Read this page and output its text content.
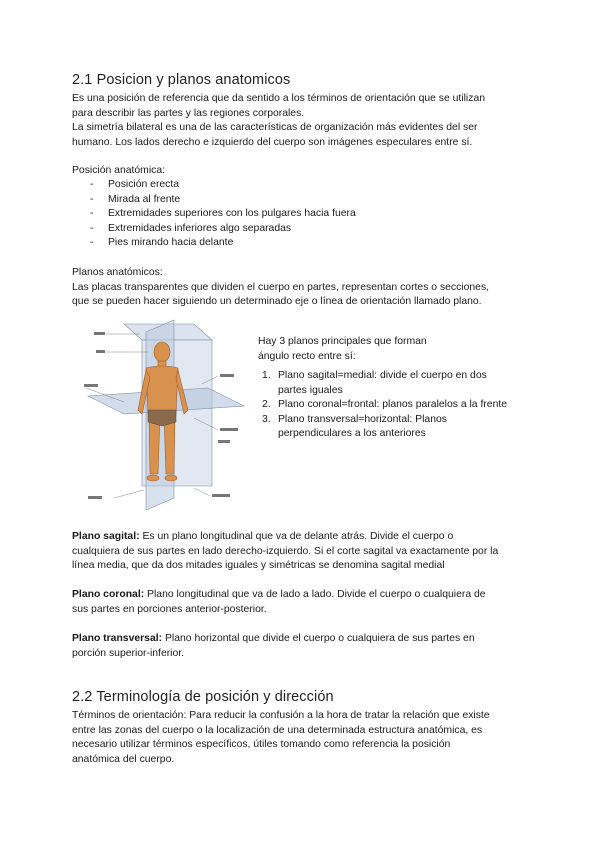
2.1 Posicion y planos anatomicos

Es una posición de referencia que da sentido a los términos de orientación que se utilizan
para describir las partes y las regiones corporales.
La simetría bilateral es una de las características de organización más evidentes del ser
humano. Los lados derecho e izquierdo del cuerpo son imágenes especulares entre sí.

Posición anatómica:

- Posición erecta
- Mirada al frente
- Extremidades superiores con los pulgares hacia fuera
- Extremidades inferiores algo separadas
- Pies mirando hacia delante

Planos anatómicos:
Las placas transparentes que dividen el cuerpo en partes, representan cortes o secciones,
que se pueden hacer siguiendo un determinado eje o línea de orientación llamado plano.

Hay 3 planos principales que forman
ángulo recto entre sí:

1. Plano sagital=medial: divide el cuerpo en dos
partes iguales
2. Plano coronal=frontal: planos paralelos a la frente
3. Plano transversal=horizontal: Planos
perpendiculares a los anteriores

Plano sagital: Es un plano longitudinal que va de delante atrás. Divide el cuerpo o
cualquiera de sus partes en lado derecho-izquierdo. Si el corte sagital va exactamente por la
línea media, que da dos mitades iguales y simétricas se denomina sagital medial

Plano coronal: Plano longitudinal que va de lado a lado. Divide el cuerpo o cualquiera de
sus partes en porciones anterior-posterior.

Plano transversal: Plano horizontal que divide el cuerpo o cualquiera de sus partes en
porción superior-inferior.

2.2 Terminología de posición y dirección

Términos de orientación: Para reducir la confusión a la hora de tratar la relación que existe
entre las zonas del cuerpo o la localización de una determinada estructura anatómica, es
necesario utilizar términos específicos, útiles tomando como referencia la posición
anatómica del cuerpo.
